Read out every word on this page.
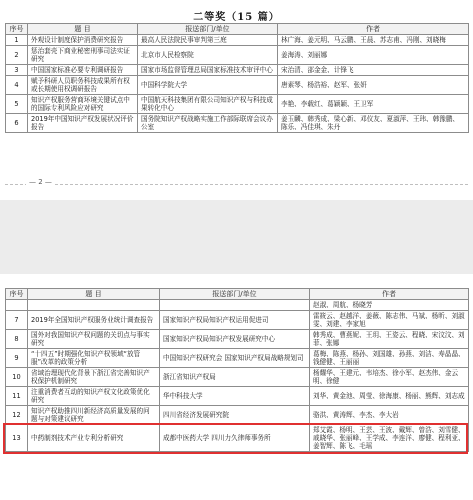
二等奖（15 篇）
序号	题 目	报送部门/单位	作者
1	外观设计制度保护消费研究报告	最高人民法院民事审判第三庭	林广海、姜元明、马云鹏、王晨、苏志甫、冯刚、刘晓梅
2	惩治套壳下商业秘密刑事司法实证研究	北京市人民检察院	姜海涛、刘丽娜
3	中国国家标准必要专利调研报告	国家市场监督管理总局国家标准技术审评中心	宋治清、邵金金、计锋飞
4	赋予科研人员职务科技成果所有权或长期使用权调研报告	中国科学院大学	唐素琴、杨浩裕、赵军、张妍
5	知识产权服务营商环境关键试点中的国际专利风险应对研究	中国航天科技集团有限公司知识产权与科技成果转化中心	李艳、李载红、葛颖颖、王卫军
6	2019年中国知识产权发展状况评价报告	国务院知识产权战略实施工作部际联席会议办公室	姜玉麟、韩秀成、梁心新、邓仪友、夏淑萍、王玮、韩豫鹏、陈乐、冯佳琪、朱丹
— 2 —
序号	题 目	报送部门/单位	作者
			赵淑、周航、杨晓芳
7	2019年全国知识产权服务业统计调查报告	国家知识产权局知识产权运用促进司	雷筱云、赵越洋、姜薇、陈志伟、马斌、杨昕、刘淑雯、刘建、李家旭
8	国外对我国知识产权问题的关切点与事实研究	国家知识产权局知识产权发展研究中心	韩秀成、曹燕妮、王玥、王姿云、程晓、宋汶汶、刘菲、张娜
9	“十四五”时期强化知识产权领域“放管服”改革的政策分析	中国知识产权研究会 国家知识产权局战略规划司	葛梅、陈燕、杨孙、刘国雄、孙燕、刘洁、寿晶晶、钱健健、王丽丽
10	省域治理现代化背景下浙江省完善知识产权保护机制研究	浙江省知识产权局	杨耀华、王建元、韦培杰、徐小军、赵杰伟、金云明、徐健
11	注重消费者互动的知识产权文化政策优化研究	华中科技大学	刘华、黄金池、周莹、徐海康、杨丽、熊辉、刘志成
12	知识产权助推四川新经济高质量发展的问题与对策建议研究	四川省经济发展研究院	骆洪、黄涛辉、李杰、李大岩
13	中药制剂技术产业专利分析研究	成都中医药大学 四川力久律师事务所	郑艾霞、杨明、王芸、王波、戴辉、曾浩、刘雪健、戚晓华、张丽峰、王学成、李连洋、廖健、程利亚、姜智辉、陈飞、毛瑶
